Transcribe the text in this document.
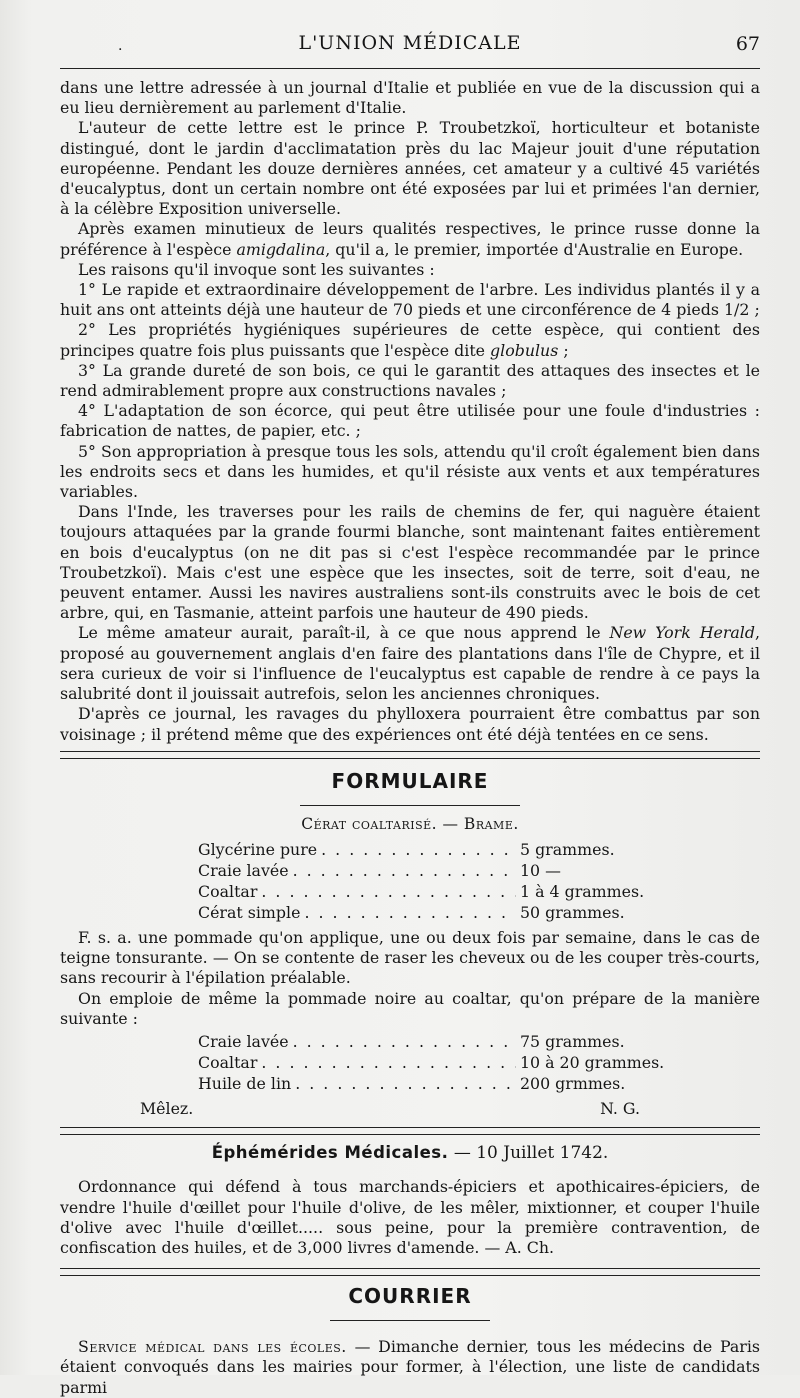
.	L'UNION MÉDICALE	67

dans une lettre adressée à un journal d'Italie et publiée en vue de la discussion qui a eu lieu dernièrement au parlement d'Italie.

L'auteur de cette lettre est le prince P. Troubetzkoï, horticulteur et botaniste distingué, dont le jardin d'acclimatation près du lac Majeur jouit d'une réputation européenne. Pendant les douze dernières années, cet amateur y a cultivé 45 variétés d'eucalyptus, dont un certain nombre ont été exposées par lui et primées l'an dernier, à la célèbre Exposition universelle.

Après examen minutieux de leurs qualités respectives, le prince russe donne la préférence à l'espèce amigdalina, qu'il a, le premier, importée d'Australie en Europe.

Les raisons qu'il invoque sont les suivantes :

1° Le rapide et extraordinaire développement de l'arbre. Les individus plantés il y a huit ans ont atteints déjà une hauteur de 70 pieds et une circonférence de 4 pieds 1/2 ;

2° Les propriétés hygiéniques supérieures de cette espèce, qui contient des principes quatre fois plus puissants que l'espèce dite globulus ;

3° La grande dureté de son bois, ce qui le garantit des attaques des insectes et le rend admirablement propre aux constructions navales ;

4° L'adaptation de son écorce, qui peut être utilisée pour une foule d'industries : fabrication de nattes, de papier, etc. ;

5° Son appropriation à presque tous les sols, attendu qu'il croît également bien dans les endroits secs et dans les humides, et qu'il résiste aux vents et aux températures variables.

Dans l'Inde, les traverses pour les rails de chemins de fer, qui naguère étaient toujours attaquées par la grande fourmi blanche, sont maintenant faites entièrement en bois d'eucalyptus (on ne dit pas si c'est l'espèce recommandée par le prince Troubetzkoï). Mais c'est une espèce que les insectes, soit de terre, soit d'eau, ne peuvent entamer. Aussi les navires australiens sont-ils construits avec le bois de cet arbre, qui, en Tasmanie, atteint parfois une hauteur de 490 pieds.

Le même amateur aurait, paraît-il, à ce que nous apprend le New York Herald, proposé au gouvernement anglais d'en faire des plantations dans l'île de Chypre, et il sera curieux de voir si l'influence de l'eucalyptus est capable de rendre à ce pays la salubrité dont il jouissait autrefois, selon les anciennes chroniques.

D'après ce journal, les ravages du phylloxera pourraient être combattus par son voisinage ; il prétend même que des expériences ont été déjà tentées en ce sens.

FORMULAIRE
Cérat coaltarisé. — Brame.
Glycérine pure . . .	5 grammes.
Craie lavée . . .	10 —
Coaltar . . .	1 à 4 grammes.
Cérat simple . . .	50 grammes.

F. s. a. une pommade qu'on applique, une ou deux fois par semaine, dans le cas de teigne tonsurante. — On se contente de raser les cheveux ou de les couper très-courts, sans recourir à l'épilation préalable.

On emploie de même la pommade noire au coaltar, qu'on prépare de la manière suivante :

Craie lavée . . .	75 grammes.
Coaltar . . .	10 à 20 grammes.
Huile de lin . . .	200 grmmes.
Mêlez.	N. G.
Éphémérides Médicales. — 10 Juillet 1742.

Ordonnance qui défend à tous marchands-épiciers et apothicaires-épiciers, de vendre l'huile d'œillet pour l'huile d'olive, de les mêler, mixtionner, et couper l'huile d'olive avec l'huile d'œillet..... sous peine, pour la première contravention, de confiscation des huiles, et de 3,000 livres d'amende. — A. Ch.

COURRIER

Service médical dans les écoles. — Dimanche dernier, tous les médecins de Paris étaient convoqués dans les mairies pour former, à l'élection, une liste de candidats parmi
